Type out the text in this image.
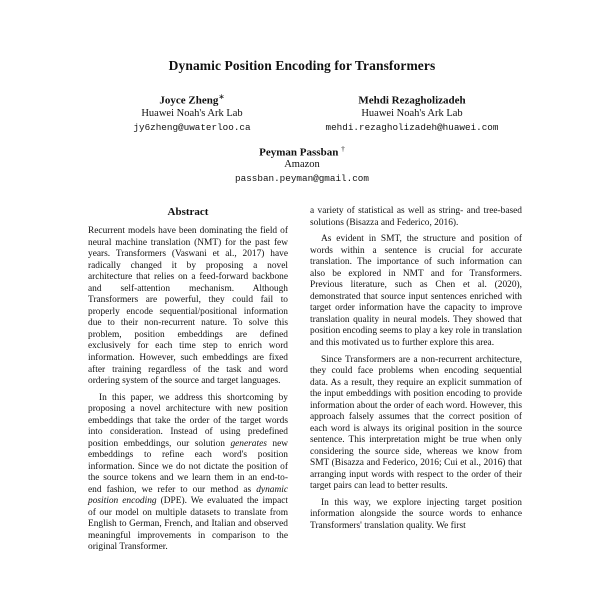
Dynamic Position Encoding for Transformers
Joyce Zheng∗
Huawei Noah's Ark Lab
jy6zheng@uwaterloo.ca
Mehdi Rezagholizadeh
Huawei Noah's Ark Lab
mehdi.rezagholizadeh@huawei.com
Peyman Passban †
Amazon
passban.peyman@gmail.com
Abstract

Recurrent models have been dominating the field of neural machine translation (NMT) for the past few years. Transformers (Vaswani et al., 2017) have radically changed it by proposing a novel architecture that relies on a feed-forward backbone and self-attention mechanism. Although Transformers are powerful, they could fail to properly encode sequential/positional information due to their non-recurrent nature. To solve this problem, position embeddings are defined exclusively for each time step to enrich word information. However, such embeddings are fixed after training regardless of the task and word ordering system of the source and target languages.

In this paper, we address this shortcoming by proposing a novel architecture with new position embeddings that take the order of the target words into consideration. Instead of using predefined position embeddings, our solution generates new embeddings to refine each word's position information. Since we do not dictate the position of the source tokens and we learn them in an end-to-end fashion, we refer to our method as dynamic position encoding (DPE). We evaluated the impact of our model on multiple datasets to translate from English to German, French, and Italian and observed meaningful improvements in comparison to the original Transformer.

a variety of statistical as well as string- and tree-based solutions (Bisazza and Federico, 2016).

As evident in SMT, the structure and position of words within a sentence is crucial for accurate translation. The importance of such information can also be explored in NMT and for Transformers. Previous literature, such as Chen et al. (2020), demonstrated that source input sentences enriched with target order information have the capacity to improve translation quality in neural models. They showed that position encoding seems to play a key role in translation and this motivated us to further explore this area.

Since Transformers are a non-recurrent architecture, they could face problems when encoding sequential data. As a result, they require an explicit summation of the input embeddings with position encoding to provide information about the order of each word. However, this approach falsely assumes that the correct position of each word is always its original position in the source sentence. This interpretation might be true when only considering the source side, whereas we know from SMT (Bisazza and Federico, 2016; Cui et al., 2016) that arranging input words with respect to the order of their target pairs can lead to better results.

In this way, we explore injecting target position information alongside the source words to enhance Transformers' translation quality. We first
